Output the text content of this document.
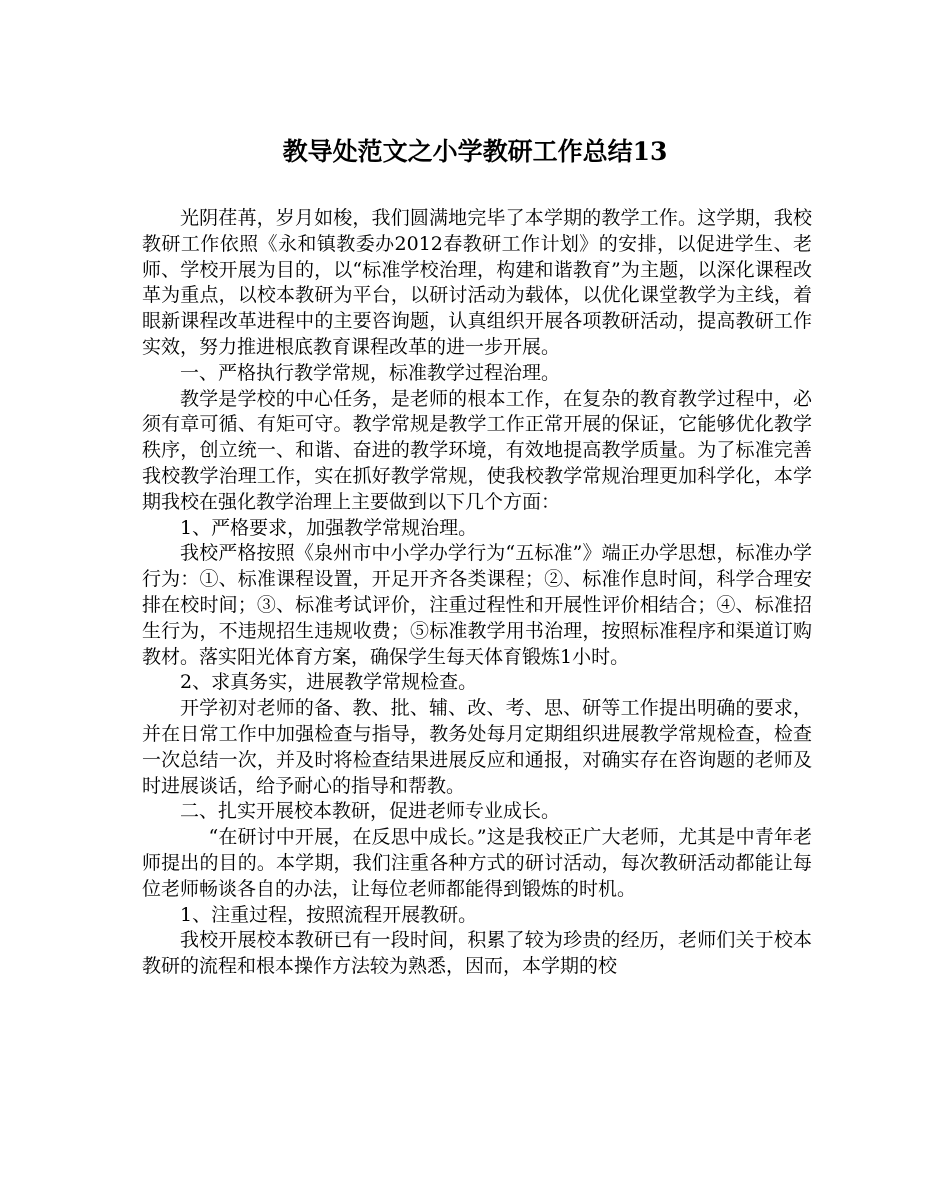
教导处范文之小学教研工作总结13

光阴荏苒，岁月如梭，我们圆满地完毕了本学期的教学工作。这学期，我校教研工作依照《永和镇教委办2012春教研工作计划》的安排，以促进学生、老师、学校开展为目的，以“标准学校治理，构建和谐教育”为主题，以深化课程改革为重点，以校本教研为平台，以研讨活动为载体，以优化课堂教学为主线，着眼新课程改革进程中的主要咨询题，认真组织开展各项教研活动，提高教研工作实效，努力推进根底教育课程改革的进一步开展。

一、严格执行教学常规，标准教学过程治理。

教学是学校的中心任务，是老师的根本工作，在复杂的教育教学过程中，必须有章可循、有矩可守。教学常规是教学工作正常开展的保证，它能够优化教学秩序，创立统一、和谐、奋进的教学环境，有效地提高教学质量。为了标准完善我校教学治理工作，实在抓好教学常规，使我校教学常规治理更加科学化，本学期我校在强化教学治理上主要做到以下几个方面：

1、严格要求，加强教学常规治理。

我校严格按照《泉州市中小学办学行为“五标准”》端正办学思想，标准办学行为：①、标准课程设置，开足开齐各类课程；②、标准作息时间，科学合理安排在校时间；③、标准考试评价，注重过程性和开展性评价相结合；④、标准招生行为，不违规招生违规收费；⑤标准教学用书治理，按照标准程序和渠道订购教材。落实阳光体育方案，确保学生每天体育锻炼1小时。

2、求真务实，进展教学常规检查。

开学初对老师的备、教、批、辅、改、考、思、研等工作提出明确的要求，并在日常工作中加强检查与指导，教务处每月定期组织进展教学常规检查，检查一次总结一次，并及时将检查结果进展反应和通报，对确实存在咨询题的老师及时进展谈话，给予耐心的指导和帮教。

二、扎实开展校本教研，促进老师专业成长。

“在研讨中开展，在反思中成长。”这是我校正广大老师，尤其是中青年老师提出的目的。本学期，我们注重各种方式的研讨活动，每次教研活动都能让每位老师畅谈各自的办法，让每位老师都能得到锻炼的时机。

1、注重过程，按照流程开展教研。

我校开展校本教研已有一段时间，积累了较为珍贵的经历，老师们关于校本教研的流程和根本操作方法较为熟悉，因而，本学期的校
